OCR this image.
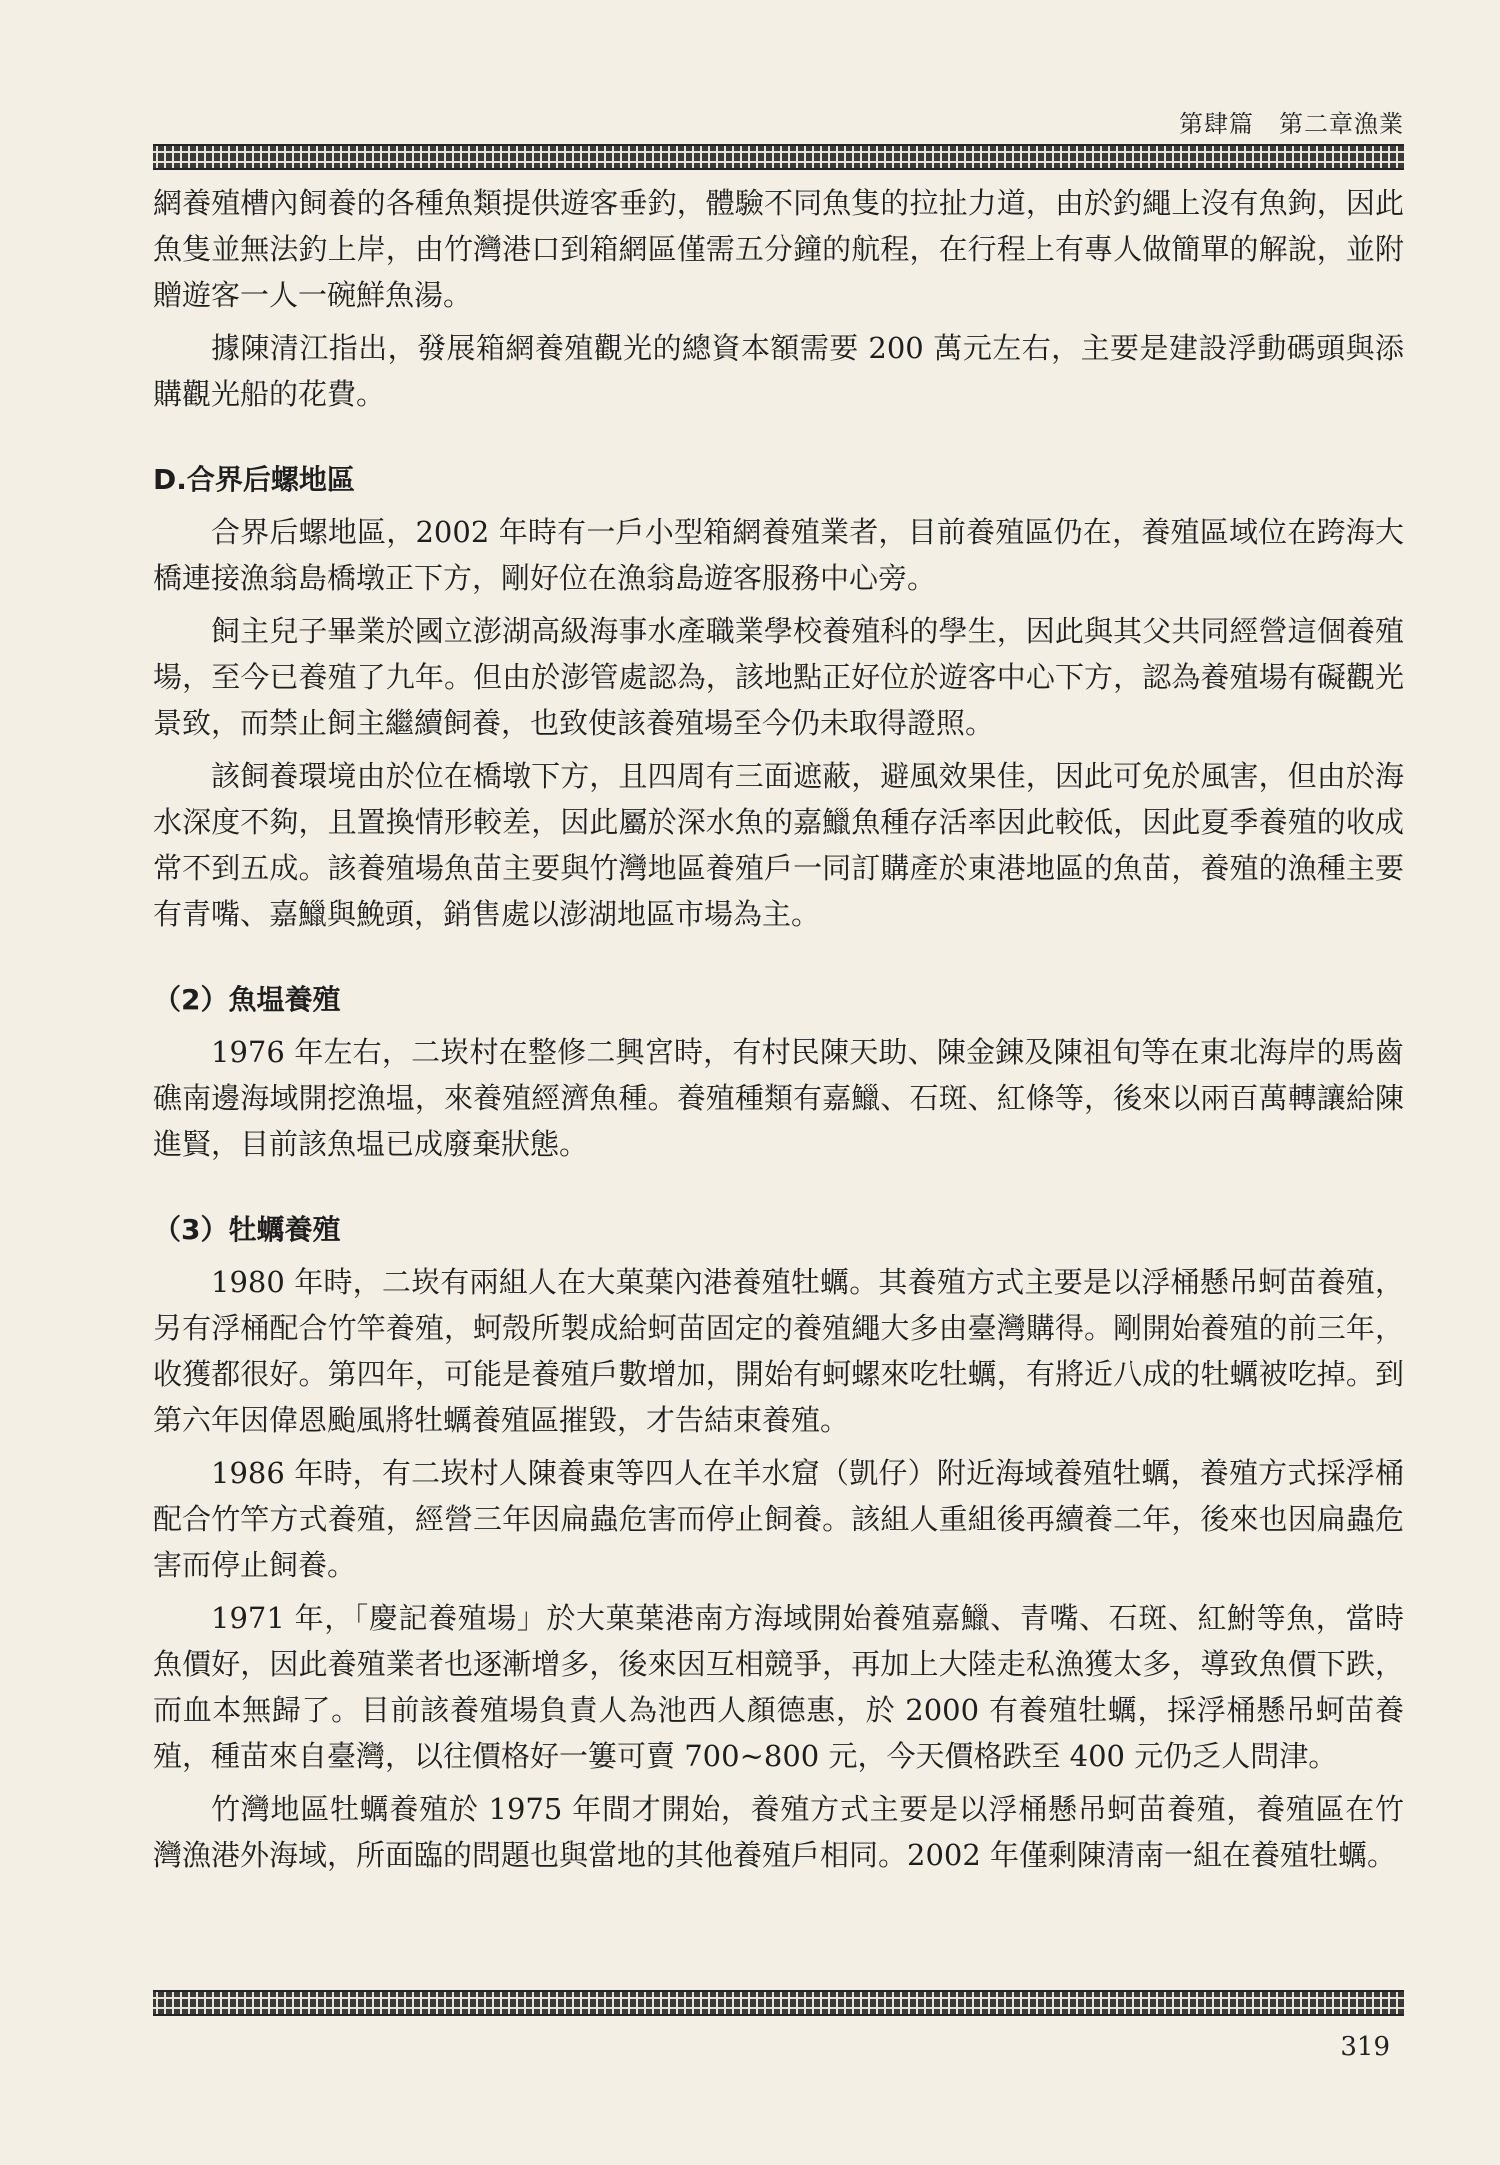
第肆篇　第二章漁業

網養殖槽內飼養的各種魚類提供遊客垂釣，體驗不同魚隻的拉扯力道，由於釣繩上沒有魚鉤，因此魚隻並無法釣上岸，由竹灣港口到箱網區僅需五分鐘的航程，在行程上有專人做簡單的解說，並附贈遊客一人一碗鮮魚湯。

據陳清江指出，發展箱網養殖觀光的總資本額需要 200 萬元左右，主要是建設浮動碼頭與添購觀光船的花費。

D.合界后螺地區

合界后螺地區，2002 年時有一戶小型箱網養殖業者，目前養殖區仍在，養殖區域位在跨海大橋連接漁翁島橋墩正下方，剛好位在漁翁島遊客服務中心旁。

飼主兒子畢業於國立澎湖高級海事水產職業學校養殖科的學生，因此與其父共同經營這個養殖場，至今已養殖了九年。但由於澎管處認為，該地點正好位於遊客中心下方，認為養殖場有礙觀光景致，而禁止飼主繼續飼養，也致使該養殖場至今仍未取得證照。

該飼養環境由於位在橋墩下方，且四周有三面遮蔽，避風效果佳，因此可免於風害，但由於海水深度不夠，且置換情形較差，因此屬於深水魚的嘉鱲魚種存活率因此較低，因此夏季養殖的收成常不到五成。該養殖場魚苗主要與竹灣地區養殖戶一同訂購產於東港地區的魚苗，養殖的漁種主要有青嘴、嘉鱲與鮸頭，銷售處以澎湖地區市場為主。

（2）魚塭養殖

1976 年左右，二崁村在整修二興宮時，有村民陳天助、陳金錬及陳祖旬等在東北海岸的馬齒礁南邊海域開挖漁塭，來養殖經濟魚種。養殖種類有嘉鱲、石斑、紅條等，後來以兩百萬轉讓給陳進賢，目前該魚塭已成廢棄狀態。

（3）牡蠣養殖

1980 年時，二崁有兩組人在大菓葉內港養殖牡蠣。其養殖方式主要是以浮桶懸吊蚵苗養殖，另有浮桶配合竹竿養殖，蚵殼所製成給蚵苗固定的養殖繩大多由臺灣購得。剛開始養殖的前三年，收獲都很好。第四年，可能是養殖戶數增加，開始有蚵螺來吃牡蠣，有將近八成的牡蠣被吃掉。到第六年因偉恩颱風將牡蠣養殖區摧毀，才告結束養殖。

1986 年時，有二崁村人陳養東等四人在羊水窟（凱仔）附近海域養殖牡蠣，養殖方式採浮桶配合竹竿方式養殖，經營三年因扁蟲危害而停止飼養。該組人重組後再續養二年，後來也因扁蟲危害而停止飼養。

1971 年，「慶記養殖場」於大菓葉港南方海域開始養殖嘉鱲、青嘴、石斑、紅鮒等魚，當時魚價好，因此養殖業者也逐漸增多，後來因互相競爭，再加上大陸走私漁獲太多，導致魚價下跌，而血本無歸了。目前該養殖場負責人為池西人顏德惠，於 2000 有養殖牡蠣，採浮桶懸吊蚵苗養殖，種苗來自臺灣，以往價格好一簍可賣 700~800 元，今天價格跌至 400 元仍乏人問津。

竹灣地區牡蠣養殖於 1975 年間才開始，養殖方式主要是以浮桶懸吊蚵苗養殖，養殖區在竹灣漁港外海域，所面臨的問題也與當地的其他養殖戶相同。2002 年僅剩陳清南一組在養殖牡蠣。

319
